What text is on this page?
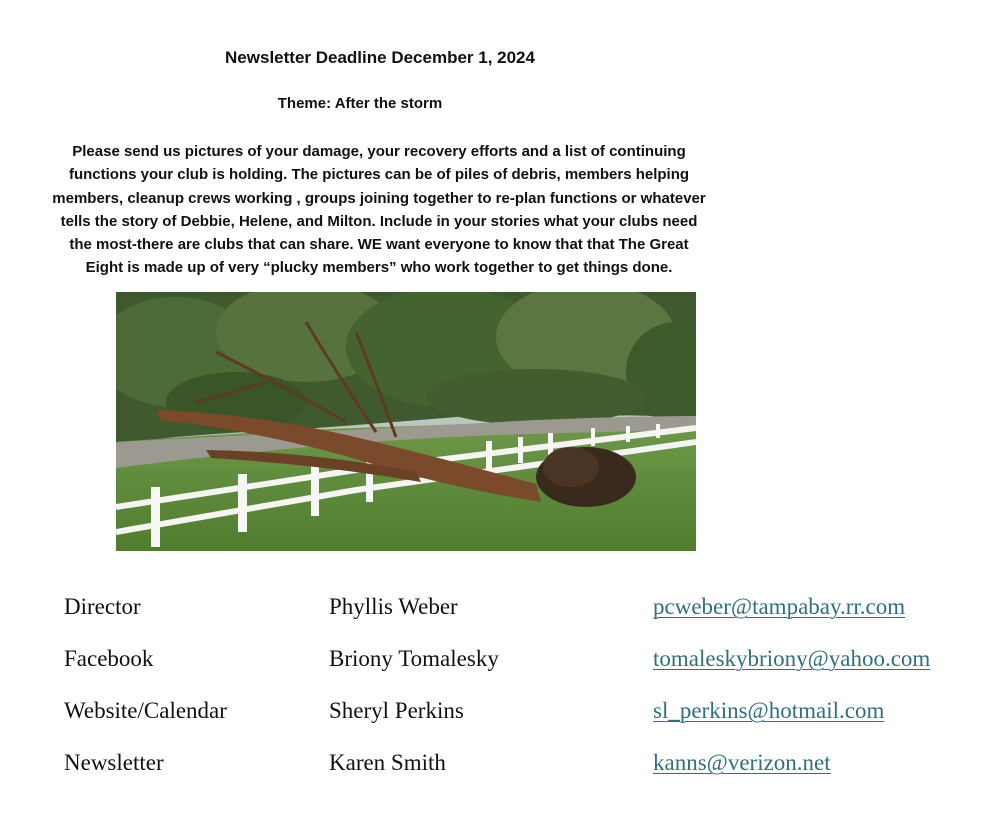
Newsletter Deadline December 1, 2024
Theme: After the storm
Please send us pictures of your damage, your recovery efforts and a list of continuing
functions your club is holding. The pictures can be of piles of debris, members helping
members, cleanup crews working , groups joining together to re-plan functions or whatever
tells the story of Debbie, Helene, and Milton. Include in your stories what your clubs need
the most-there are clubs that can share. WE want everyone to know that that The Great
Eight is made up of very “plucky members” who work together to get things done.
Director	Phyllis Weber	pcweber@tampabay.rr.com
Facebook	Briony Tomalesky	tomaleskybriony@yahoo.com
Website/Calendar	Sheryl Perkins	sl_perkins@hotmail.com
Newsletter	Karen Smith	kanns@verizon.net
